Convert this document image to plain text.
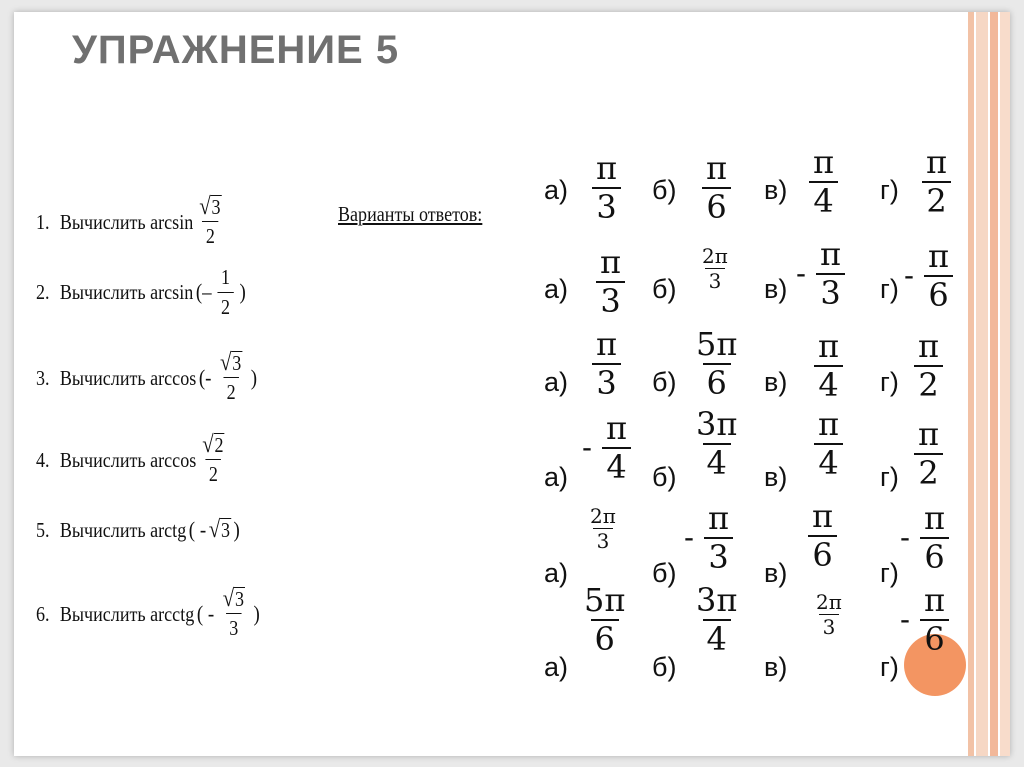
УПРАЖНЕНИЕ 5
1. Вычислить arcsin
√ 3
2
2. Вычислить arcsin (– $\frac{1}{2}$ )
3. Вычислить arccos (-
√ 3
2
)
4. Вычислить arccos
√ 2
2
5. Вычислить arctg ( - √ 3 )
6. Вычислить arcctg ( -
√ 3
3
)
Варианты ответов:
$а) \frac{\pi}{3} б) \frac{\pi}{6} в) \frac{\pi}{4} г) \frac{\pi}{2}$
$а) \frac{\pi}{3} б) \frac{2\pi}{3} в) - \frac{\pi}{3} г) - \frac{\pi}{6}$
$а) \frac{\pi}{3} б) \frac{5\pi}{6} в) \frac{\pi}{4} г) \frac{\pi}{2}$
а)
- $\frac{\pi}{4} б) \frac{3\pi}{4} в) \frac{\pi}{4} г) \frac{\pi}{2}$
а)
$\frac{2\pi}{3}$
б)
- $\frac{\pi}{3} в$)
$\frac{\pi}{6}$
г)
- $\frac{\pi}{6}$
а)
$\frac{5\pi}{6}$
б)
$\frac{3\pi}{4}$
в)
$\frac{2\pi}{3}$
г)
- $\frac{\pi}{6}$
